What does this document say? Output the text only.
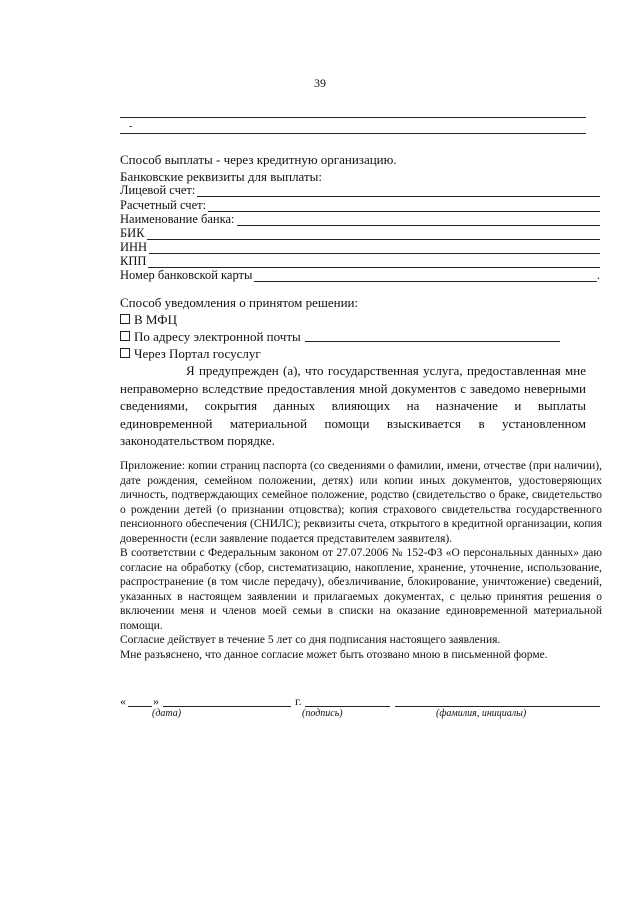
39
-
Способ выплаты - через кредитную организацию.
Банковские реквизиты для выплаты:
Лицевой счет:
Расчетный счет:
Наименование банка:
БИК
ИНН
КПП
Номер банковской карты	.
Способ уведомления о принятом решении:
В МФЦ
По адресу электронной почты
Через Портал госуслуг

Я предупрежден (а), что государственная услуга, предоставленная мне неправомерно вследствие предоставления мной документов с заведомо неверными сведениями, сокрытия данных влияющих на назначение и выплаты единовременной материальной помощи взыскивается в установленном законодательством порядке.

Приложение: копии страниц паспорта (со сведениями о фамилии, имени, отчестве (при наличии), дате рождения, семейном положении, детях) или копии иных документов, удостоверяющих личность, подтверждающих семейное положение, родство (свидетельство о браке, свидетельство о рождении детей (о признании отцовства); копия страхового свидетельства государственного пенсионного обеспечения (СНИЛС); реквизиты счета, открытого в кредитной организации, копия доверенности (если заявление подается представителем заявителя).

В соответствии с Федеральным законом от 27.07.2006 № 152-ФЗ «О персональных данных» даю согласие на обработку (сбор, систематизацию, накопление, хранение, уточнение, использование, распространение (в том числе передачу), обезличивание, блокирование, уничтожение) сведений, указанных в настоящем заявлении и прилагаемых документах, с целью принятия решения о включении меня и членов моей семьи в списки на оказание единовременной материальной помощи.

Согласие действует в течение 5 лет со дня подписания настоящего заявления.

Мне разъяснено, что данное согласие может быть отозвано мною в письменной форме.

« »	г.
(дата)	(подпись)	(фамилия, инициалы)
